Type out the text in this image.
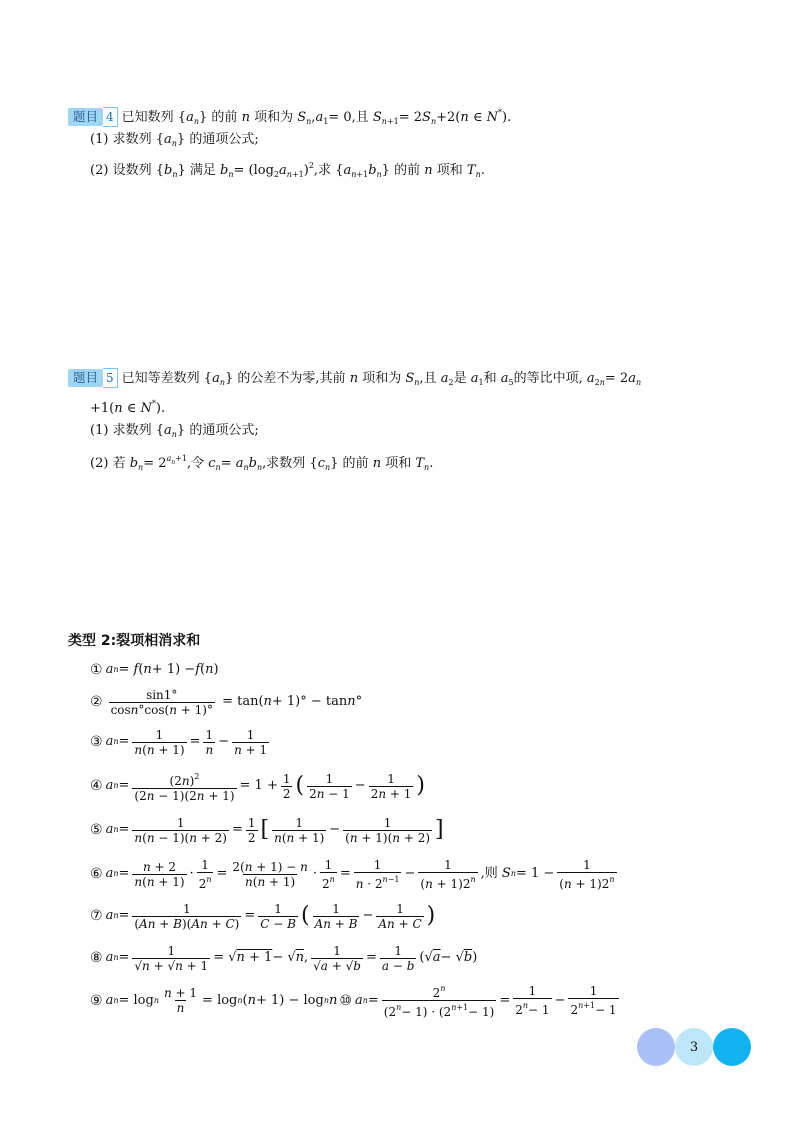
题目 4 已知数列 $\{a_n\}$ 的前 n 项和为 $S_n,a_1= 0$,且 $S_{n+1}= 2S_n+2(n$ ∈ N*).
(1) 求数列 $\{a_n\}$ 的通项公式;
(2) 设数列 $\{b_n\}$ 满足 $b_n= (\log_2a_{n+1})^2$,求 $\{a_{n+1}b_n\}$ 的前 n 项和 $T_n$.
题目 5 已知等差数列 $\{a_n\}$ 的公差不为零,其前 n 项和为 $S_n$,且 $a_2$是 $a_1$和 $a_5$的等比中项, $a_{2n}= 2a_n$
+1(n ∈ N*).
(1) 求数列 $\{a_n\}$ 的通项公式;
(2) 若 $b_n= 2^{a_n+1}$,令 $c_n= a_nb_n$,求数列 $\{c_n\}$ 的前 n 项和 $T_n$.
类型 2:裂项相消求和
① a n = f ( n + 1) − f ( n )
② $\frac{\sin 1^\circ}{\cos n^\circ\cos(n + 1)^\circ} = \tan$( n + 1)° − tan n °
③ a $n = \frac{1}{n(n + 1)} = \frac{1}{n} - \frac{1}{n + 1}$
④ a $n = \frac{(2n)^2}{(2n - 1)(2n + 1)} = 1 + \frac{1}{2}$ ( $\frac{1}{2n - 1} - \frac{1}{2n + 1}$ )
⑤ a $n = \frac{1}{n(n - 1)(n + 2)} = \frac{1}{2}$ [ $\frac{1}{n(n + 1)} - \frac{1}{(n + 1)(n + 2)}$ ]
⑥ a $n = \frac{n + 2}{n(n + 1)} \cdot \frac{1}{2^n} = \frac{2(n + 1) - n}{n(n + 1)} \cdot \frac{1}{2^n} = \frac{1}{n \cdot 2^{n-1}} - \frac{1}{(n + 1)2^n}$ , 则
S $n = 1 - \frac{1}{(n + 1)2^n}$
⑦ a $n = \frac{1}{(An + B)(An + C)} = \frac{1}{C - B}$ ( $\frac{1}{An + B} - \frac{1}{An + C}$ )
⑧ a $n = \frac{1}{√n + √n + 1}$ = √ n + 1 − √ n , $\frac{1}{√a + √b} = \frac{1}{a - b}$ (√ a − √ b )
⑨ a n = log n $\frac{n + 1}{n} = \log n$ ( n + 1) − log n n ⑩ a $n = \frac{2^n}{(2^n- 1) \cdot (2^{n+1}- 1)} = \frac{1}{2^n- 1} - \frac{1}{2^{n+1}- 1}$
3
